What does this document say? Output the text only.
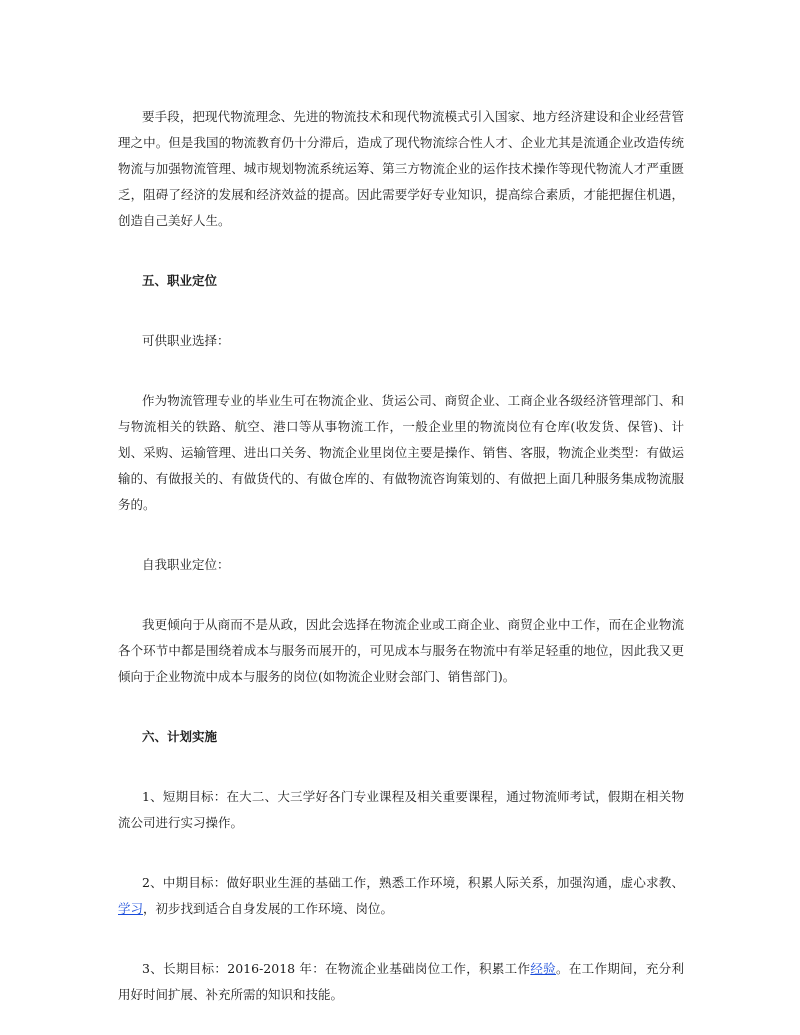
要手段，把现代物流理念、先进的物流技术和现代物流模式引入国家、地方经济建设和企业经营管理之中。但是我国的物流教育仍十分滞后，造成了现代物流综合性人才、企业尤其是流通企业改造传统物流与加强物流管理、城市规划物流系统运筹、第三方物流企业的运作技术操作等现代物流人才严重匮乏，阻碍了经济的发展和经济效益的提高。因此需要学好专业知识，提高综合素质，才能把握住机遇，创造自己美好人生。

五、职业定位

可供职业选择：

作为物流管理专业的毕业生可在物流企业、货运公司、商贸企业、工商企业各级经济管理部门、和与物流相关的铁路、航空、港口等从事物流工作，一般企业里的物流岗位有仓库(收发货、保管)、计划、采购、运输管理、进出口关务、物流企业里岗位主要是操作、销售、客服，物流企业类型：有做运输的、有做报关的、有做货代的、有做仓库的、有做物流咨询策划的、有做把上面几种服务集成物流服务的。

自我职业定位：

我更倾向于从商而不是从政，因此会选择在物流企业或工商企业、商贸企业中工作，而在企业物流各个环节中都是围绕着成本与服务而展开的，可见成本与服务在物流中有举足轻重的地位，因此我又更倾向于企业物流中成本与服务的岗位(如物流企业财会部门、销售部门)。

六、计划实施

1、短期目标：在大二、大三学好各门专业课程及相关重要课程，通过物流师考试，假期在相关物流公司进行实习操作。

2、中期目标：做好职业生涯的基础工作，熟悉工作环境，积累人际关系，加强沟通，虚心求教、学习，初步找到适合自身发展的工作环境、岗位。

3、长期目标：2016-2018 年：在物流企业基础岗位工作，积累工作经验。在工作期间，充分利用好时间扩展、补充所需的知识和技能。
